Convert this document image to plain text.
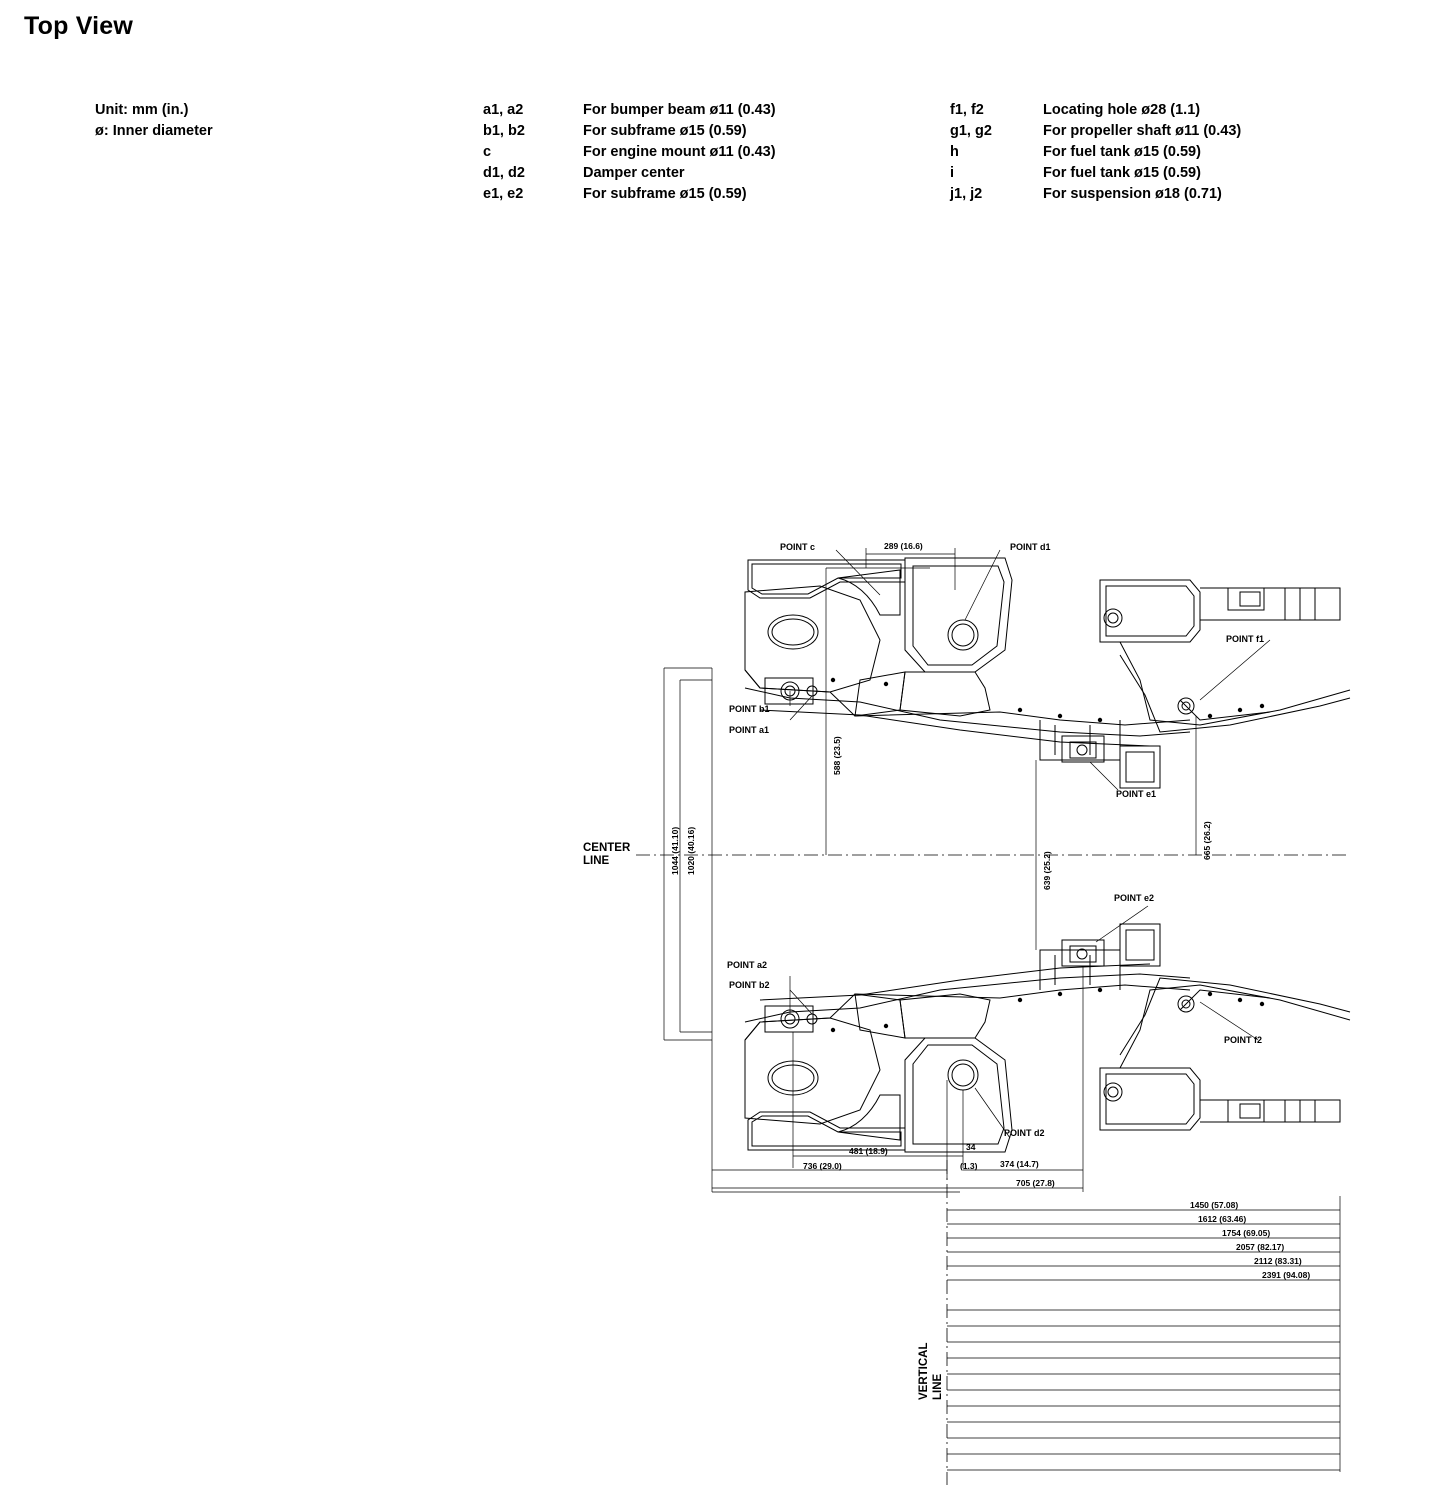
Top View
Unit: mm (in.)
ø: Inner diameter
a1, a2	For bumper beam ø11 (0.43)
b1, b2	For subframe ø15 (0.59)
c	For engine mount ø11 (0.43)
d1, d2	Damper center
e1, e2	For subframe ø15 (0.59)
f1, f2	Locating hole ø28 (1.1)
g1, g2	For propeller shaft ø11 (0.43)
h	For fuel tank ø15 (0.59)
i	For fuel tank ø15 (0.59)
j1, j2	For suspension ø18 (0.71)
CENTER
LINE
VERTICAL LINE
POINT c	POINT d1
POINT f1
POINT b1
POINT a1
POINT e1
POINT e2
POINT a2
POINT b2
POINT f2
POINT d2
289 (16.6)
588 (23.5)
1044 (41.10) 1020 (40.16)	639 (25.2)
665 (26.2)
481 (18.9)
736 (29.0)
34
(1.3)	374 (14.7)
705 (27.8)
1450 (57.08)
1612 (63.46)
1754 (69.05)
2057 (82.17)
2112 (83.31)
2391 (94.08)
